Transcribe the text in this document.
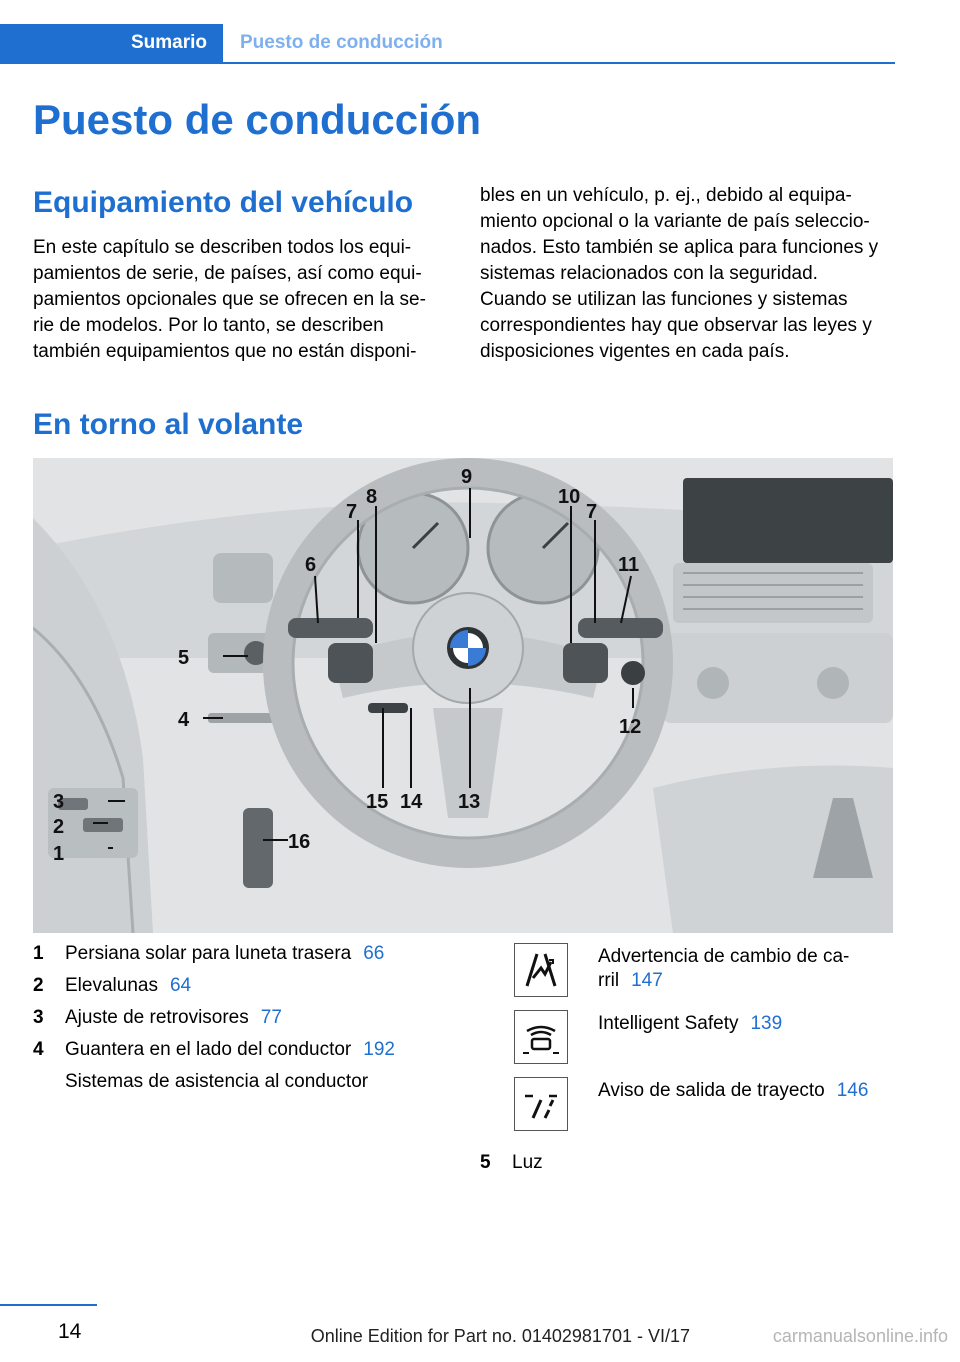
Sumario	Puesto de conducción
Puesto de conducción
Equipamiento del vehículo
En este capítulo se describen todos los equi‐
pamientos de serie, de países, así como equi‐
pamientos opcionales que se ofrecen en la se‐
rie de modelos. Por lo tanto, se describen
también equipamientos que no están disponi‐
bles en un vehículo, p. ej., debido al equipa‐
miento opcional o la variante de país seleccio‐
nados. Esto también se aplica para funciones y
sistemas relacionados con la seguridad.
Cuando se utilizan las funciones y sistemas
correspondientes hay que observar las leyes y
disposiciones vigentes en cada país.
En torno al volante
3
2
1
4
5
6
7
8
9
10
7
11
12
13
14
15
16
1	Persiana solar para luneta trasera 66
2	Elevalunas 64
3	Ajuste de retrovisores 77
4	Guantera en el lado del conductor 192
Sistemas de asistencia al conductor
Advertencia de cambio de ca‐ rril 147
Intelligent Safety 139
Aviso de salida de trayecto 146
5	Luz
14	Online Edition for Part no. 01402981701 - VI/17	carmanualsonline.info
